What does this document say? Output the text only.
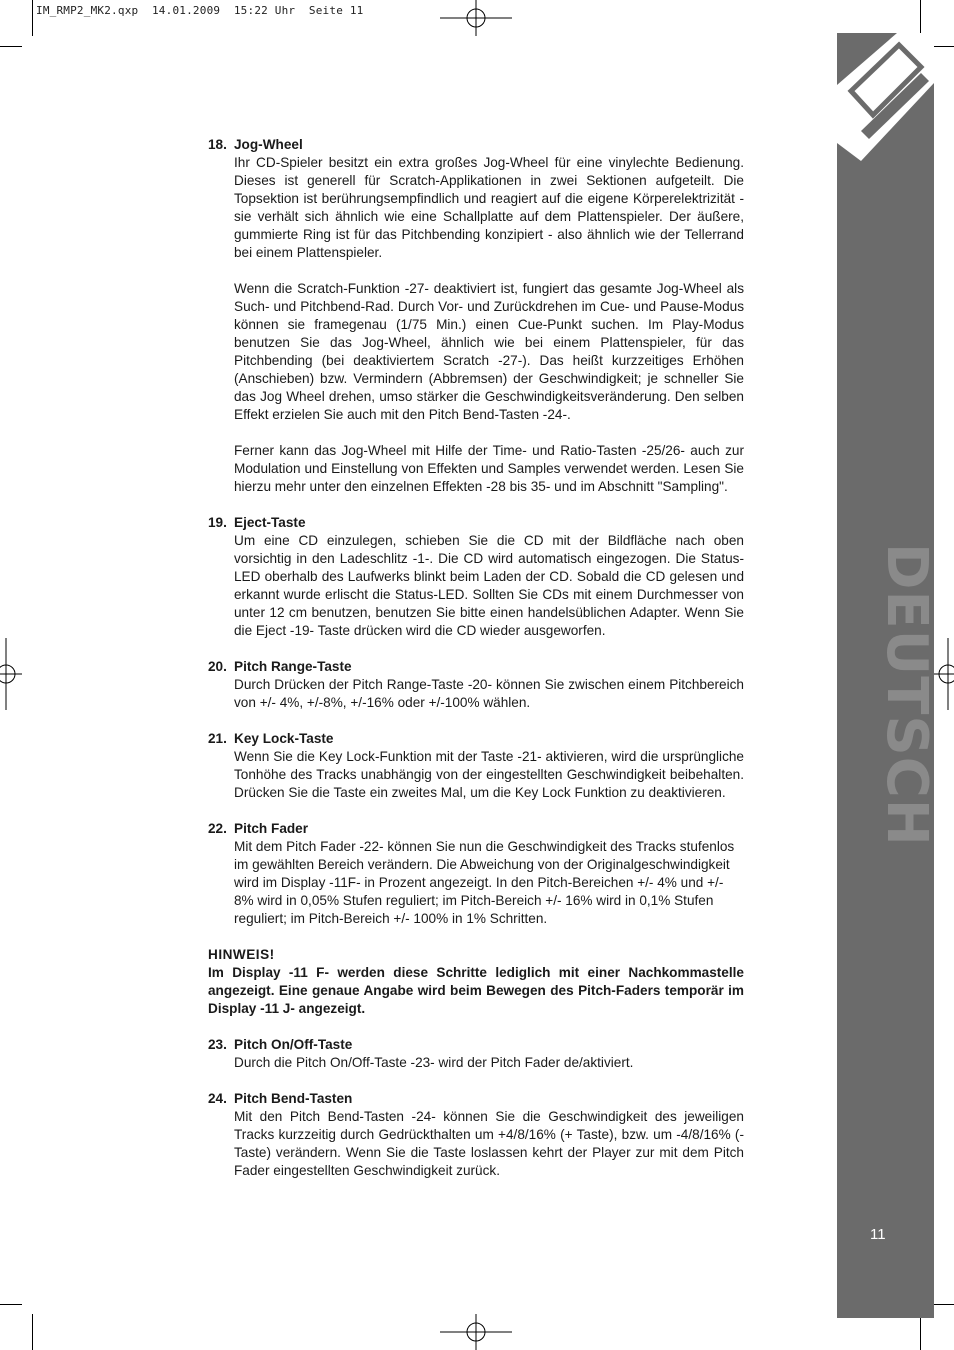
IM_RMP2_MK2.qxp  14.01.2009  15:22 Uhr  Seite 11
DEUTSCH
11
18. Jog-Wheel

Ihr CD-Spieler besitzt ein extra großes Jog-Wheel für eine vinylechte Bedienung. Dieses ist generell für Scratch-Applikationen in zwei Sektionen aufgeteilt. Die Topsektion ist berührungsempfindlich und reagiert auf die eigene Körperelektrizität - sie verhält sich ähnlich wie eine Schallplatte auf dem Plattenspieler. Der äußere, gummierte Ring ist für das Pitchbending konzipiert - also ähnlich wie der Tellerrand bei einem Plattenspieler.

Wenn die Scratch-Funktion -27- deaktiviert ist, fungiert das gesamte Jog-Wheel als Such- und Pitchbend-Rad. Durch Vor- und Zurückdrehen im Cue- und Pause-Modus können sie framegenau (1/75 Min.) einen Cue-Punkt suchen. Im Play-Modus benutzen Sie das Jog-Wheel, ähnlich wie bei einem Plattenspieler, für das Pitchbending (bei deaktiviertem Scratch -27-). Das heißt kurzzeitiges Erhöhen (Anschieben) bzw. Vermindern (Abbremsen) der Geschwindigkeit; je schneller Sie das Jog Wheel drehen, umso stärker die Geschwindigkeitsveränderung. Den selben Effekt erzielen Sie auch mit den Pitch Bend-Tasten -24-.

Ferner kann das Jog-Wheel mit Hilfe der Time- und Ratio-Tasten -25/26- auch zur Modulation und Einstellung von Effekten und Samples verwendet werden. Lesen Sie hierzu mehr unter den einzelnen Effekten -28 bis 35- und im Abschnitt "Sampling".

19. Eject-Taste

Um eine CD einzulegen, schieben Sie die CD mit der Bildfläche nach oben vorsichtig in den Ladeschlitz -1-. Die CD wird automatisch eingezogen. Die Status-LED oberhalb des Laufwerks blinkt beim Laden der CD. Sobald die CD gelesen und erkannt wurde erlischt die Status-LED. Sollten Sie CDs mit einem Durchmesser von unter 12 cm benutzen, benutzen Sie bitte einen handelsüblichen Adapter. Wenn Sie die Eject -19- Taste drücken wird die CD wieder ausgeworfen.

20. Pitch Range-Taste

Durch Drücken der Pitch Range-Taste -20- können Sie zwischen einem Pitchbereich von +/- 4%, +/-8%, +/-16% oder +/-100% wählen.

21. Key Lock-Taste

Wenn Sie die Key Lock-Funktion mit der Taste -21- aktivieren, wird die ursprüngliche Tonhöhe des Tracks unabhängig von der eingestellten Geschwindigkeit beibehalten. Drücken Sie die Taste ein zweites Mal, um die Key Lock Funktion zu deaktivieren.

22. Pitch Fader

Mit dem Pitch Fader -22- können Sie nun die Geschwindigkeit des Tracks stufenlos im gewählten Bereich verändern. Die Abweichung von der Originalgeschwindigkeit wird im Display -11F- in Prozent angezeigt. In den Pitch-Bereichen +/- 4% und +/- 8% wird in 0,05% Stufen reguliert; im Pitch-Bereich +/- 16% wird in 0,1% Stufen reguliert; im Pitch-Bereich +/- 100% in 1% Schritten.

HINWEIS!
Im Display -11 F- werden diese Schritte lediglich mit einer Nachkommastelle angezeigt. Eine genaue Angabe wird beim Bewegen des Pitch-Faders temporär im Display -11 J- angezeigt.
23. Pitch On/Off-Taste

Durch die Pitch On/Off-Taste -23- wird der Pitch Fader de/aktiviert.

24. Pitch Bend-Tasten

Mit den Pitch Bend-Tasten -24- können Sie die Geschwindigkeit des jeweiligen Tracks kurzzeitig durch Gedrückthalten um +4/8/16% (+ Taste), bzw. um -4/8/16% (- Taste) verändern. Wenn Sie die Taste loslassen kehrt der Player zur mit dem Pitch Fader eingestellten Geschwindigkeit zurück.
